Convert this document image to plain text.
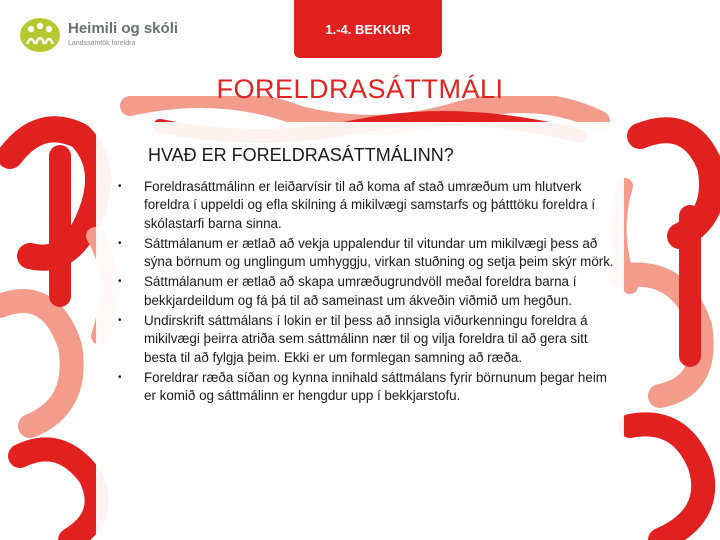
Heimili og skóli
Landssamtök foreldra
1.-4. BEKKUR
FORELDRASÁTTMÁLI
HVAÐ ER FORELDRASÁTTMÁLINN?
• Foreldrasáttmálinn er leiðarvísir til að koma af stað umræðum um hlutverk foreldra í uppeldi og efla skilning á mikilvægi samstarfs og þátttöku foreldra í skólastarfi barna sinna.
• Sáttmálanum er ætlað að vekja uppalendur til vitundar um mikilvægi þess að sýna börnum og unglingum umhyggju, virkan stuðning og setja þeim skýr mörk.
• Sáttmálanum er ætlað að skapa umræðugrundvöll meðal foreldra barna í bekkjardeildum og fá þá til að sameinast um ákveðin viðmið um hegðun.
• Undirskrift sáttmálans í lokin er til þess að innsigla viðurkenningu foreldra á mikilvægi þeirra atriða sem sáttmálinn nær til og vilja foreldra til að gera sitt besta til að fylgja þeim. Ekki er um formlegan samning að ræða.
• Foreldrar ræða síðan og kynna innihald sáttmálans fyrir börnunum þegar heim er komið og sáttmálinn er hengdur upp í bekkjarstofu.
